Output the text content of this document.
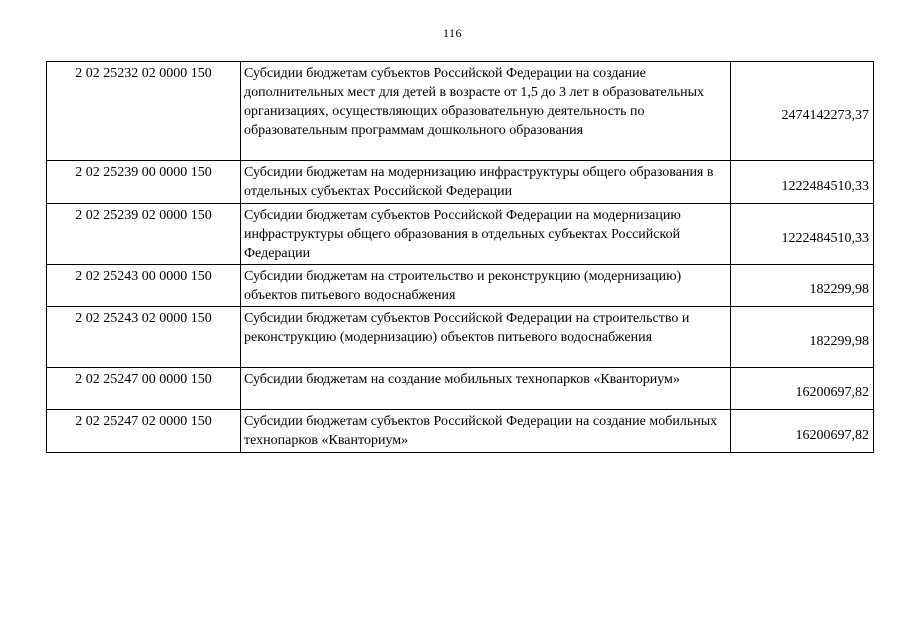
116
2 02 25232 02 0000 150	Субсидии бюджетам субъектов Российской Федерации на создание дополнительных мест для детей в возрасте от 1,5 до 3 лет в образовательных организациях, осуществляющих образовательную деятельность по образовательным программам дошкольного образования	2474142273,37
2 02 25239 00 0000 150	Субсидии бюджетам на модернизацию инфраструктуры общего образования в отдельных субъектах Российской Федерации	1222484510,33
2 02 25239 02 0000 150	Субсидии бюджетам субъектов Российской Федерации на модернизацию инфраструктуры общего образования в отдельных субъектах Российской Федерации	1222484510,33
2 02 25243 00 0000 150	Субсидии бюджетам на строительство и реконструкцию (модернизацию) объектов питьевого водоснабжения	182299,98
2 02 25243 02 0000 150	Субсидии бюджетам субъектов Российской Федерации на строительство и реконструкцию (модернизацию) объектов питьевого водоснабжения	182299,98
2 02 25247 00 0000 150	Субсидии бюджетам на создание мобильных технопарков «Кванториум»	16200697,82
2 02 25247 02 0000 150	Субсидии бюджетам субъектов Российской Федерации на создание мобильных технопарков «Кванториум»	16200697,82
